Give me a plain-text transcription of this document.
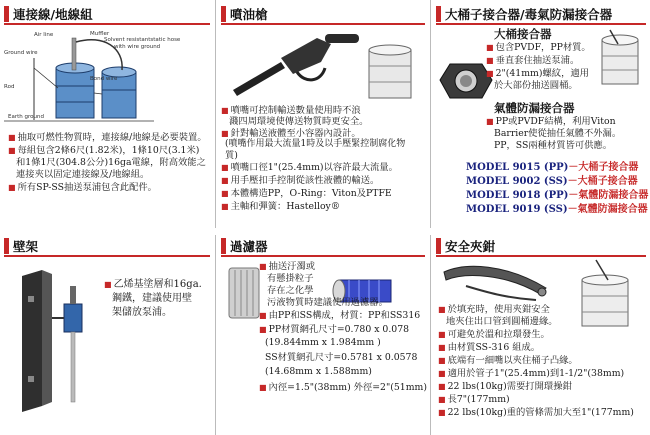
連接線/地線組
Air line	Muffler
Solvent resistantstatic hose
with wire ground
Ground wire
Bond wire
Rod
Earth ground
■ 抽取可燃性物質時，連接線/地線是必要裝置。
■ 每組包含2條6尺(1.82米)，1條10尺(3.1米)
和1條1尺(304.8公分)16ga電線，附高效能之
連接夾以固定連接線及/地線組。
■ 所有SP-SS抽送泵浦包含此配件。
噴油槍
■ 噴嘴可控制輸送數量使用時不浪
濺四周環境使傳送物質時更安全。
■ 針對輸送液體至小容器內設計。
(噴嘴作用最大流量1時及以手壓緊控制腐化物
質)
■ 噴嘴口徑1"(25.4mm)以容許最大流量。
■ 用手壓扣手控制從該性液體的輸送。
■ 本體構造PP，O-Ring：Viton及PTFE
■ 主軸和彈簧：Hastelloy®
大桶子接合器/毒氣防漏接合器
大桶接合器
■ 包含PVDF，PP材質。
■ 垂直套住抽送泵浦。
■ 2"(41mm)螺紋，適用
於大部份抽送圓桶。
氣體防漏接合器
■ PP或PVDF結構，利用Viton
Barrier使從抽任氣體不外漏。
PP，SS兩種材質皆可供應。
MODEL 9015 (PP)－大桶子接合器
MODEL 9002 (SS)－大桶子接合器
MODEL 9018 (PP)－氣體防漏接合器
MODEL 9019 (SS)－氣體防漏接合器
壁架
■ 乙烯基塗層和16ga.
鋼鐵，建議使用壁
架儲放泵浦。
過濾器
■ 抽送汙濁或
有懸掛粒子
存在之化學
污液物質時建議使用過濾器。
■ 由PP和SS構成，材質：PP和SS316
■ PP材質網孔尺寸=0.780 x 0.078
(19.844mm x 1.984mm )
SS材質網孔尺寸=0.5781 x 0.0578
(14.68mm x 1.588mm)
■ 內徑=1.5"(38mm) 外徑=2"(51mm)
安全夾鉗
■ 於填充時，使用夾鉗安全
地夾住出口管到圓桶邊緣。
■ 可避免於溫和拉環發生。
■ 由材質SS-316 組成。
■ 底端有一細嘴以夾住桶子凸緣。
■ 適用於管子1"(25.4mm)到1-1/2"(38mm)
■ 22 lbs(10kg)需要打開環操鉗
■ 長7"(177mm)
■ 22 lbs(10kg)重的管條需加大至1"(177mm)
